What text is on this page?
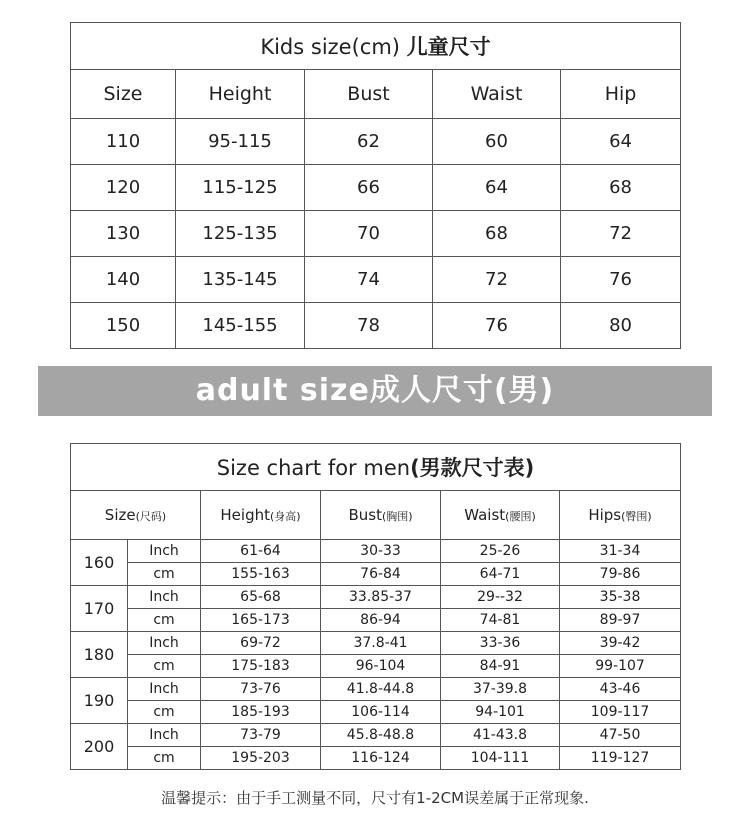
Kids size(cm) 儿童尺寸				
Size	Height	Bust	Waist	Hip
110	95-115	62	60	64
120	115-125	66	64	68
130	125-135	70	68	72
140	135-145	74	72	76
150	145-155	78	76	80
adult size成人尺寸(男)
Size chart for men(男款尺寸表)					
Size(尺码)		Height(身高)	Bust(胸围)	Waist(腰围)	Hips(臀围)
160	Inch	61-64	30-33	25-26	31-34
	cm	155-163	76-84	64-71	79-86
170	Inch	65-68	33.85-37	29--32	35-38
	cm	165-173	86-94	74-81	89-97
180	Inch	69-72	37.8-41	33-36	39-42
	cm	175-183	96-104	84-91	99-107
190	Inch	73-76	41.8-44.8	37-39.8	43-46
	cm	185-193	106-114	94-101	109-117
200	Inch	73-79	45.8-48.8	41-43.8	47-50
	cm	195-203	116-124	104-111	119-127
温馨提示：由于手工测量不同，尺寸有1-2CM误差属于正常现象.
